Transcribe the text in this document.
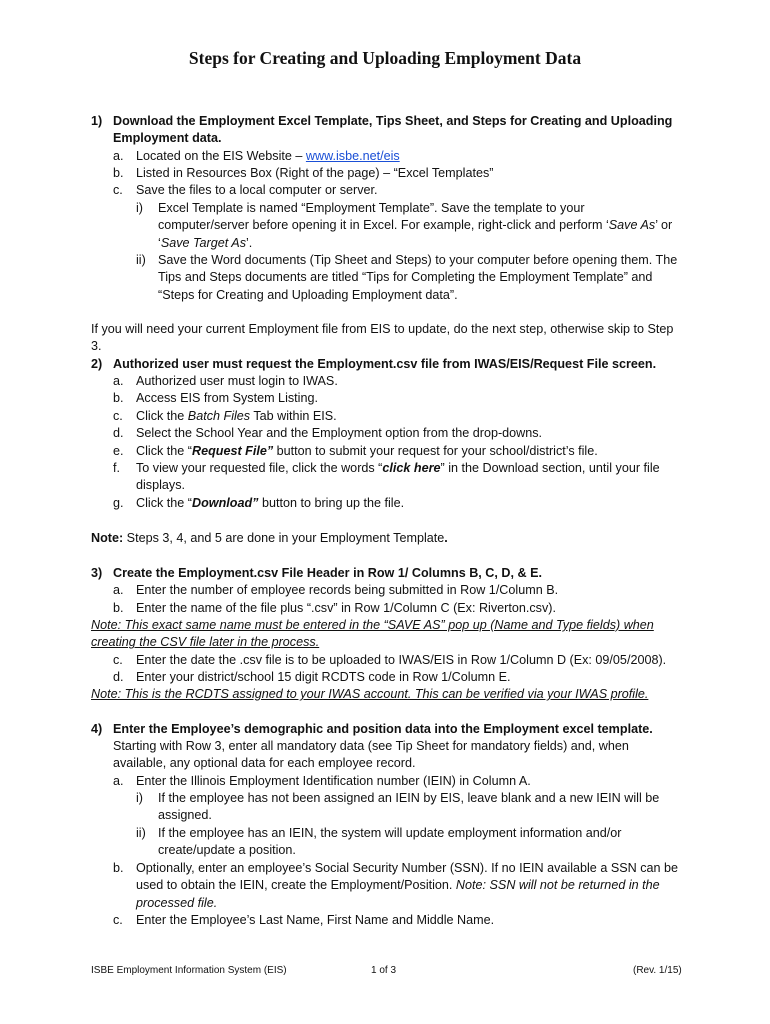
Steps for Creating and Uploading Employment Data
1) Download the Employment Excel Template, Tips Sheet, and Steps for Creating and Uploading Employment data.
a. Located on the EIS Website – www.isbe.net/eis
b. Listed in Resources Box (Right of the page) – “Excel Templates”
c. Save the files to a local computer or server.
i) Excel Template is named “Employment Template”. Save the template to your computer/server before opening it in Excel. For example, right-click and perform ‘Save As’ or ‘Save Target As’.
ii) Save the Word documents (Tip Sheet and Steps) to your computer before opening them. The Tips and Steps documents are titled “Tips for Completing the Employment Template” and “Steps for Creating and Uploading Employment data”.
If you will need your current Employment file from EIS to update, do the next step, otherwise skip to Step 3.
2) Authorized user must request the Employment.csv file from IWAS/EIS/Request File screen.
a. Authorized user must login to IWAS.
b. Access EIS from System Listing.
c. Click the Batch Files Tab within EIS.
d. Select the School Year and the Employment option from the drop-downs.
e. Click the “Request File” button to submit your request for your school/district’s file.
f. To view your requested file, click the words “click here” in the Download section, until your file displays.
g. Click the “Download” button to bring up the file.
Note: Steps 3, 4, and 5 are done in your Employment Template.
3) Create the Employment.csv File Header in Row 1/ Columns B, C, D, & E.
a. Enter the number of employee records being submitted in Row 1/Column B.
b. Enter the name of the file plus “.csv” in Row 1/Column C (Ex: Riverton.csv).
Note: This exact same name must be entered in the “SAVE AS” pop up (Name and Type fields) when creating the CSV file later in the process.
c. Enter the date the .csv file is to be uploaded to IWAS/EIS in Row 1/Column D (Ex: 09/05/2008).
d. Enter your district/school 15 digit RCDTS code in Row 1/Column E.
Note: This is the RCDTS assigned to your IWAS account. This can be verified via your IWAS profile.
4) Enter the Employee’s demographic and position data into the Employment excel template.
Starting with Row 3, enter all mandatory data (see Tip Sheet for mandatory fields) and, when available, any optional data for each employee record.
a. Enter the Illinois Employment Identification number (IEIN) in Column A.
i) If the employee has not been assigned an IEIN by EIS, leave blank and a new IEIN will be assigned.
ii) If the employee has an IEIN, the system will update employment information and/or create/update a position.
b. Optionally, enter an employee’s Social Security Number (SSN). If no IEIN available a SSN can be used to obtain the IEIN, create the Employment/Position. Note: SSN will not be returned in the processed file.
c. Enter the Employee’s Last Name, First Name and Middle Name.
ISBE Employment Information System (EIS)	1 of 3	(Rev. 1/15)
